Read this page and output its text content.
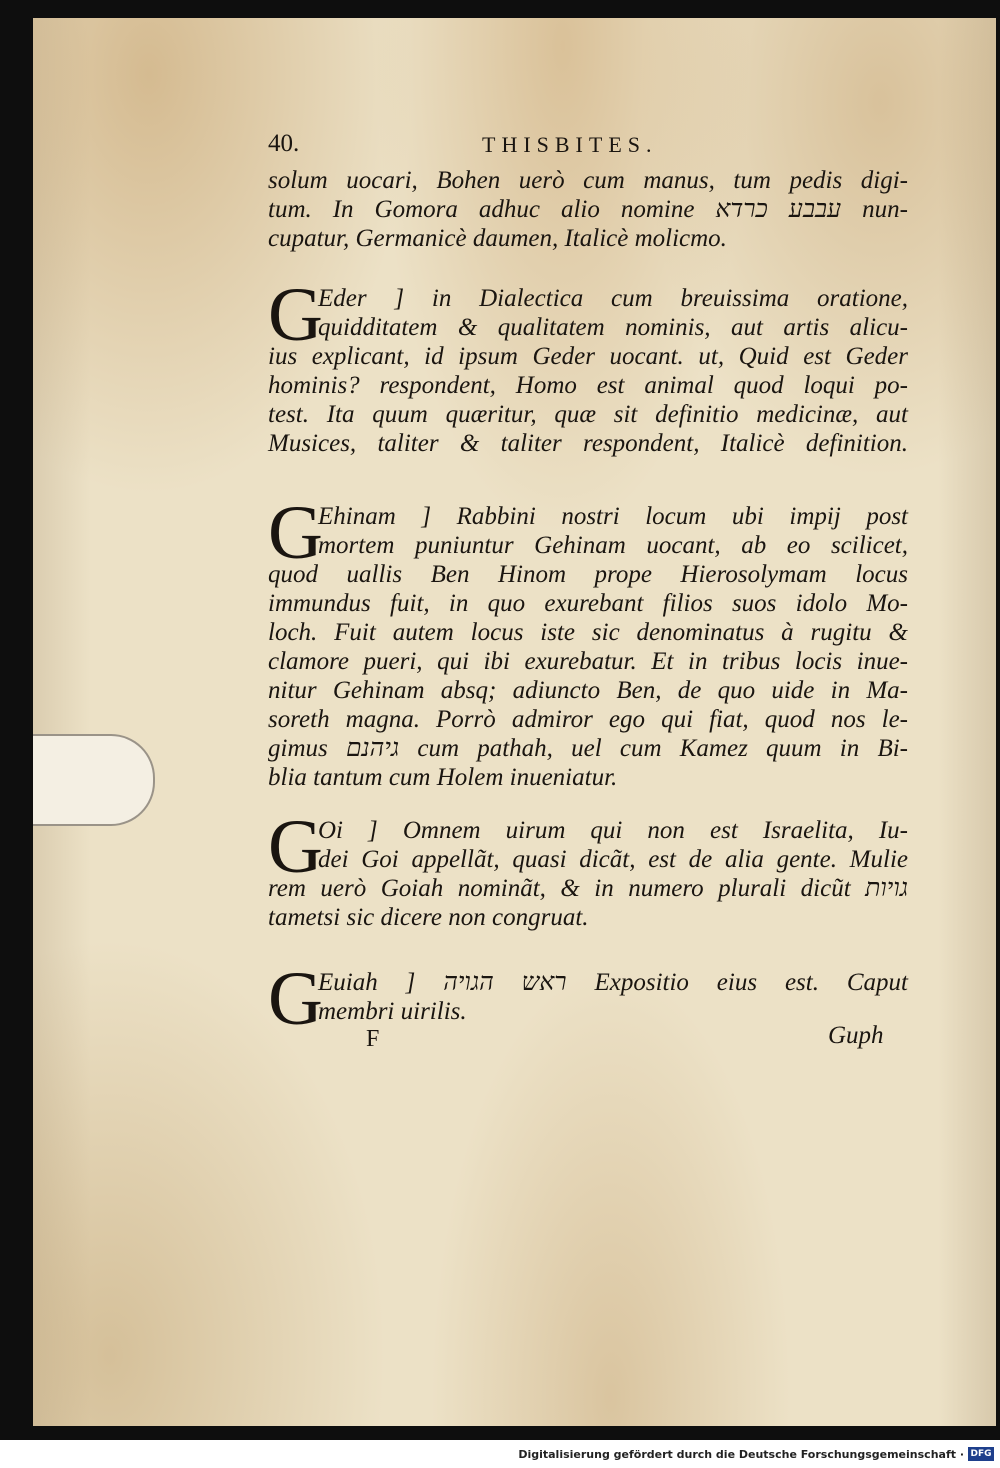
40.	THISBITES.
solum uocari, Bohen uerò cum manus, tum pedis digi-
tum. In Gomora adhuc alio nomine עבבע כרדא nun-
cupatur, Germanicè daumen, Italicè molicmo.
G
Eder ] in Dialectica cum breuissima oratione,
quidditatem & qualitatem nominis, aut artis alicu-
ius explicant, id ipsum Geder uocant. ut, Quid est Geder
hominis? respondent, Homo est animal quod loqui po-
test. Ita quum quæritur, quæ sit definitio medicinæ, aut
Musices, taliter & taliter respondent, Italicè definition.
G
Ehinam ] Rabbini nostri locum ubi impij post
mortem puniuntur Gehinam uocant, ab eo scilicet,
quod uallis Ben Hinom prope Hierosolymam locus
immundus fuit, in quo exurebant filios suos idolo Mo-
loch. Fuit autem locus iste sic denominatus à rugitu &
clamore pueri, qui ibi exurebatur. Et in tribus locis inue-
nitur Gehinam absq; adiuncto Ben, de quo uide in Ma-
soreth magna. Porrò admiror ego qui fiat, quod nos le-
gimus גיהנם cum pathah, uel cum Kamez quum in Bi-
blia tantum cum Holem inueniatur.
G
Oi ] Omnem uirum qui non est Israelita, Iu-
dei Goi appellãt, quasi dicãt, est de alia gente. Mulie
rem uerò Goiah nominãt, & in numero plurali dicũt גויות
tametsi sic dicere non congruat.
G
Euiah ] ראש הגויה Expositio eius est. Caput
membri uirilis.
F	Guph
Digitalisierung gefördert durch die Deutsche Forschungsgemeinschaft · DFG
